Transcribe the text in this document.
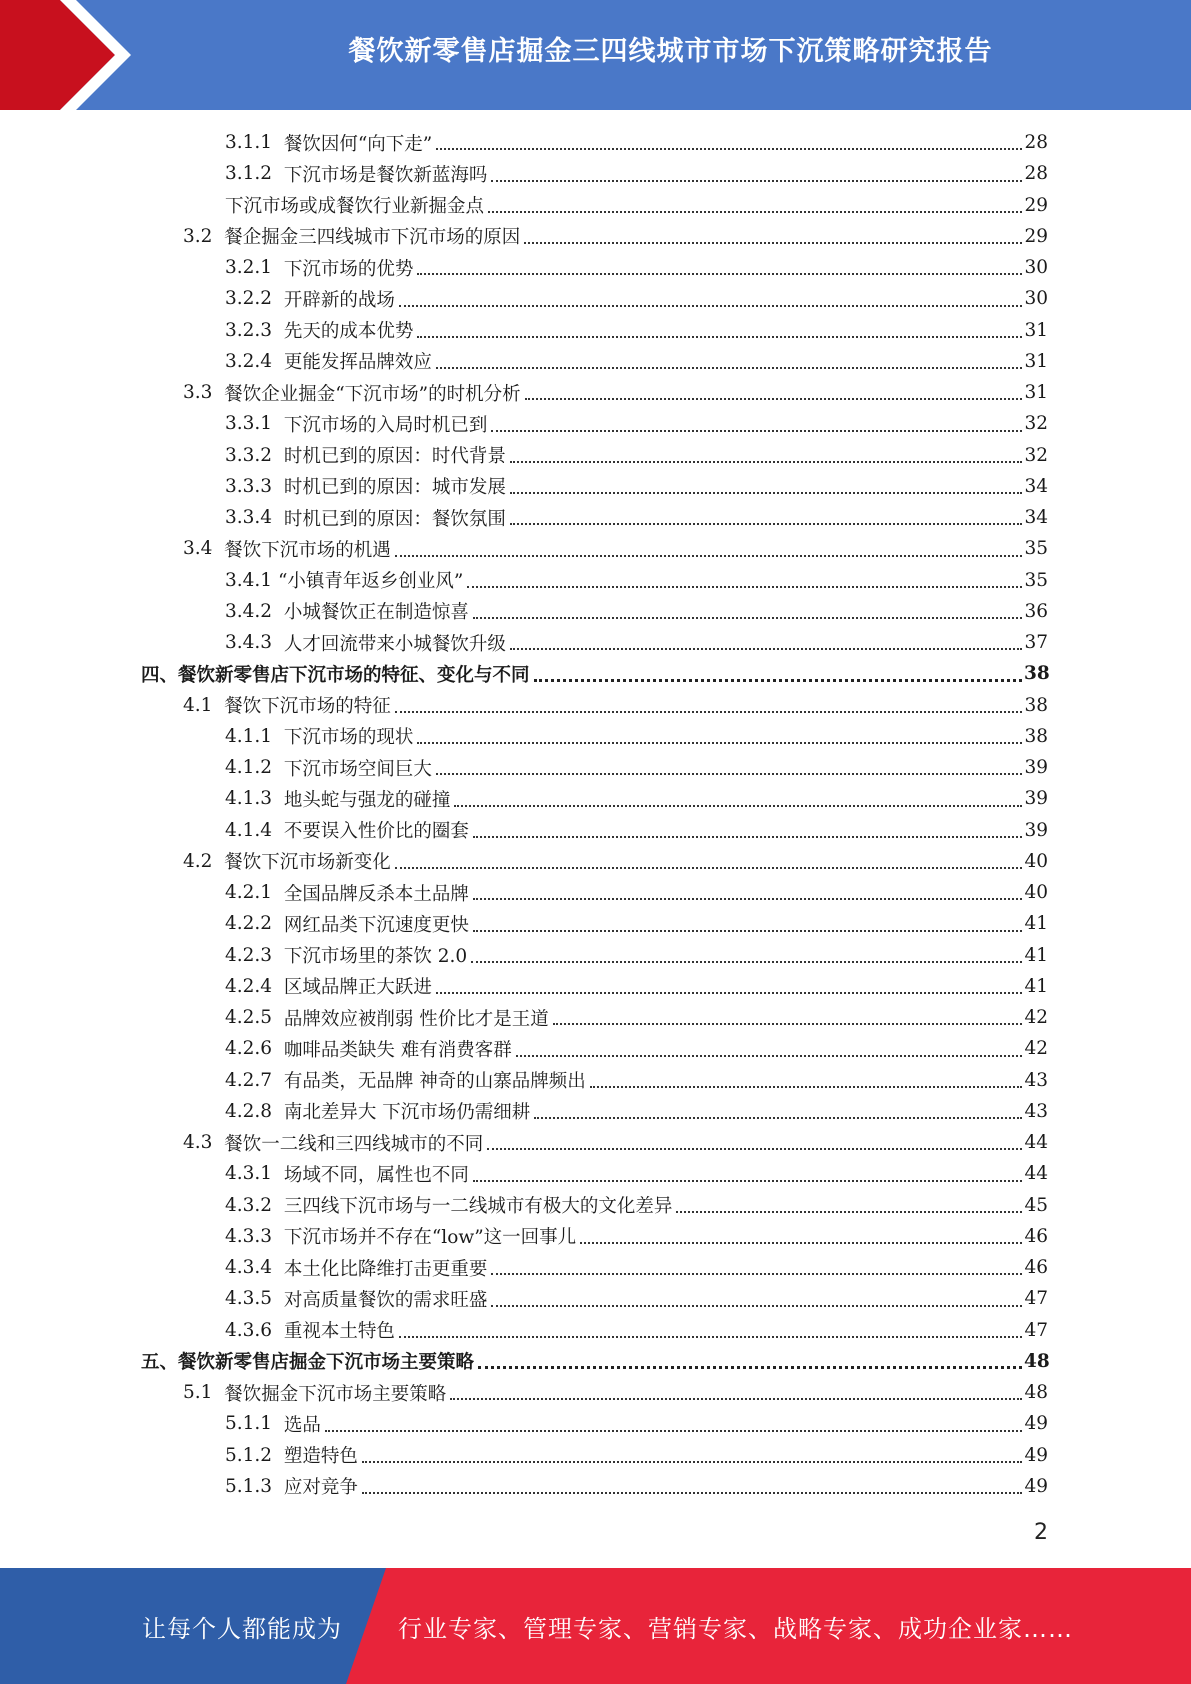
餐饮新零售店掘金三四线城市市场下沉策略研究报告
3.1.1 餐饮因何“向下走”	28
3.1.2 下沉市场是餐饮新蓝海吗	28
下沉市场或成餐饮行业新掘金点	29
3.2 餐企掘金三四线城市下沉市场的原因	29
3.2.1 下沉市场的优势	30
3.2.2 开辟新的战场	30
3.2.3 先天的成本优势	31
3.2.4 更能发挥品牌效应	31
3.3 餐饮企业掘金“下沉市场”的时机分析	31
3.3.1 下沉市场的入局时机已到	32
3.3.2 时机已到的原因：时代背景	32
3.3.3 时机已到的原因：城市发展	34
3.3.4 时机已到的原因：餐饮氛围	34
3.4 餐饮下沉市场的机遇	35
3.4.1 “小镇青年返乡创业风”	35
3.4.2 小城餐饮正在制造惊喜	36
3.4.3 人才回流带来小城餐饮升级	37
四、餐饮新零售店下沉市场的特征、变化与不同	38
4.1 餐饮下沉市场的特征	38
4.1.1 下沉市场的现状	38
4.1.2 下沉市场空间巨大	39
4.1.3 地头蛇与强龙的碰撞	39
4.1.4 不要误入性价比的圈套	39
4.2 餐饮下沉市场新变化	40
4.2.1 全国品牌反杀本土品牌	40
4.2.2 网红品类下沉速度更快	41
4.2.3 下沉市场里的茶饮 2.0	41
4.2.4 区域品牌正大跃进	41
4.2.5 品牌效应被削弱 性价比才是王道	42
4.2.6 咖啡品类缺失 难有消费客群	42
4.2.7 有品类，无品牌 神奇的山寨品牌频出	43
4.2.8 南北差异大 下沉市场仍需细耕	43
4.3 餐饮一二线和三四线城市的不同	44
4.3.1 场域不同，属性也不同	44
4.3.2 三四线下沉市场与一二线城市有极大的文化差异	45
4.3.3 下沉市场并不存在“low”这一回事儿	46
4.3.4 本土化比降维打击更重要	46
4.3.5 对高质量餐饮的需求旺盛	47
4.3.6 重视本土特色	47
五、餐饮新零售店掘金下沉市场主要策略	48
5.1 餐饮掘金下沉市场主要策略	48
5.1.1 选品	49
5.1.2 塑造特色	49
5.1.3 应对竞争	49
2
让每个人都能成为 行业专家、管理专家、营销专家、战略专家、成功企业家……
